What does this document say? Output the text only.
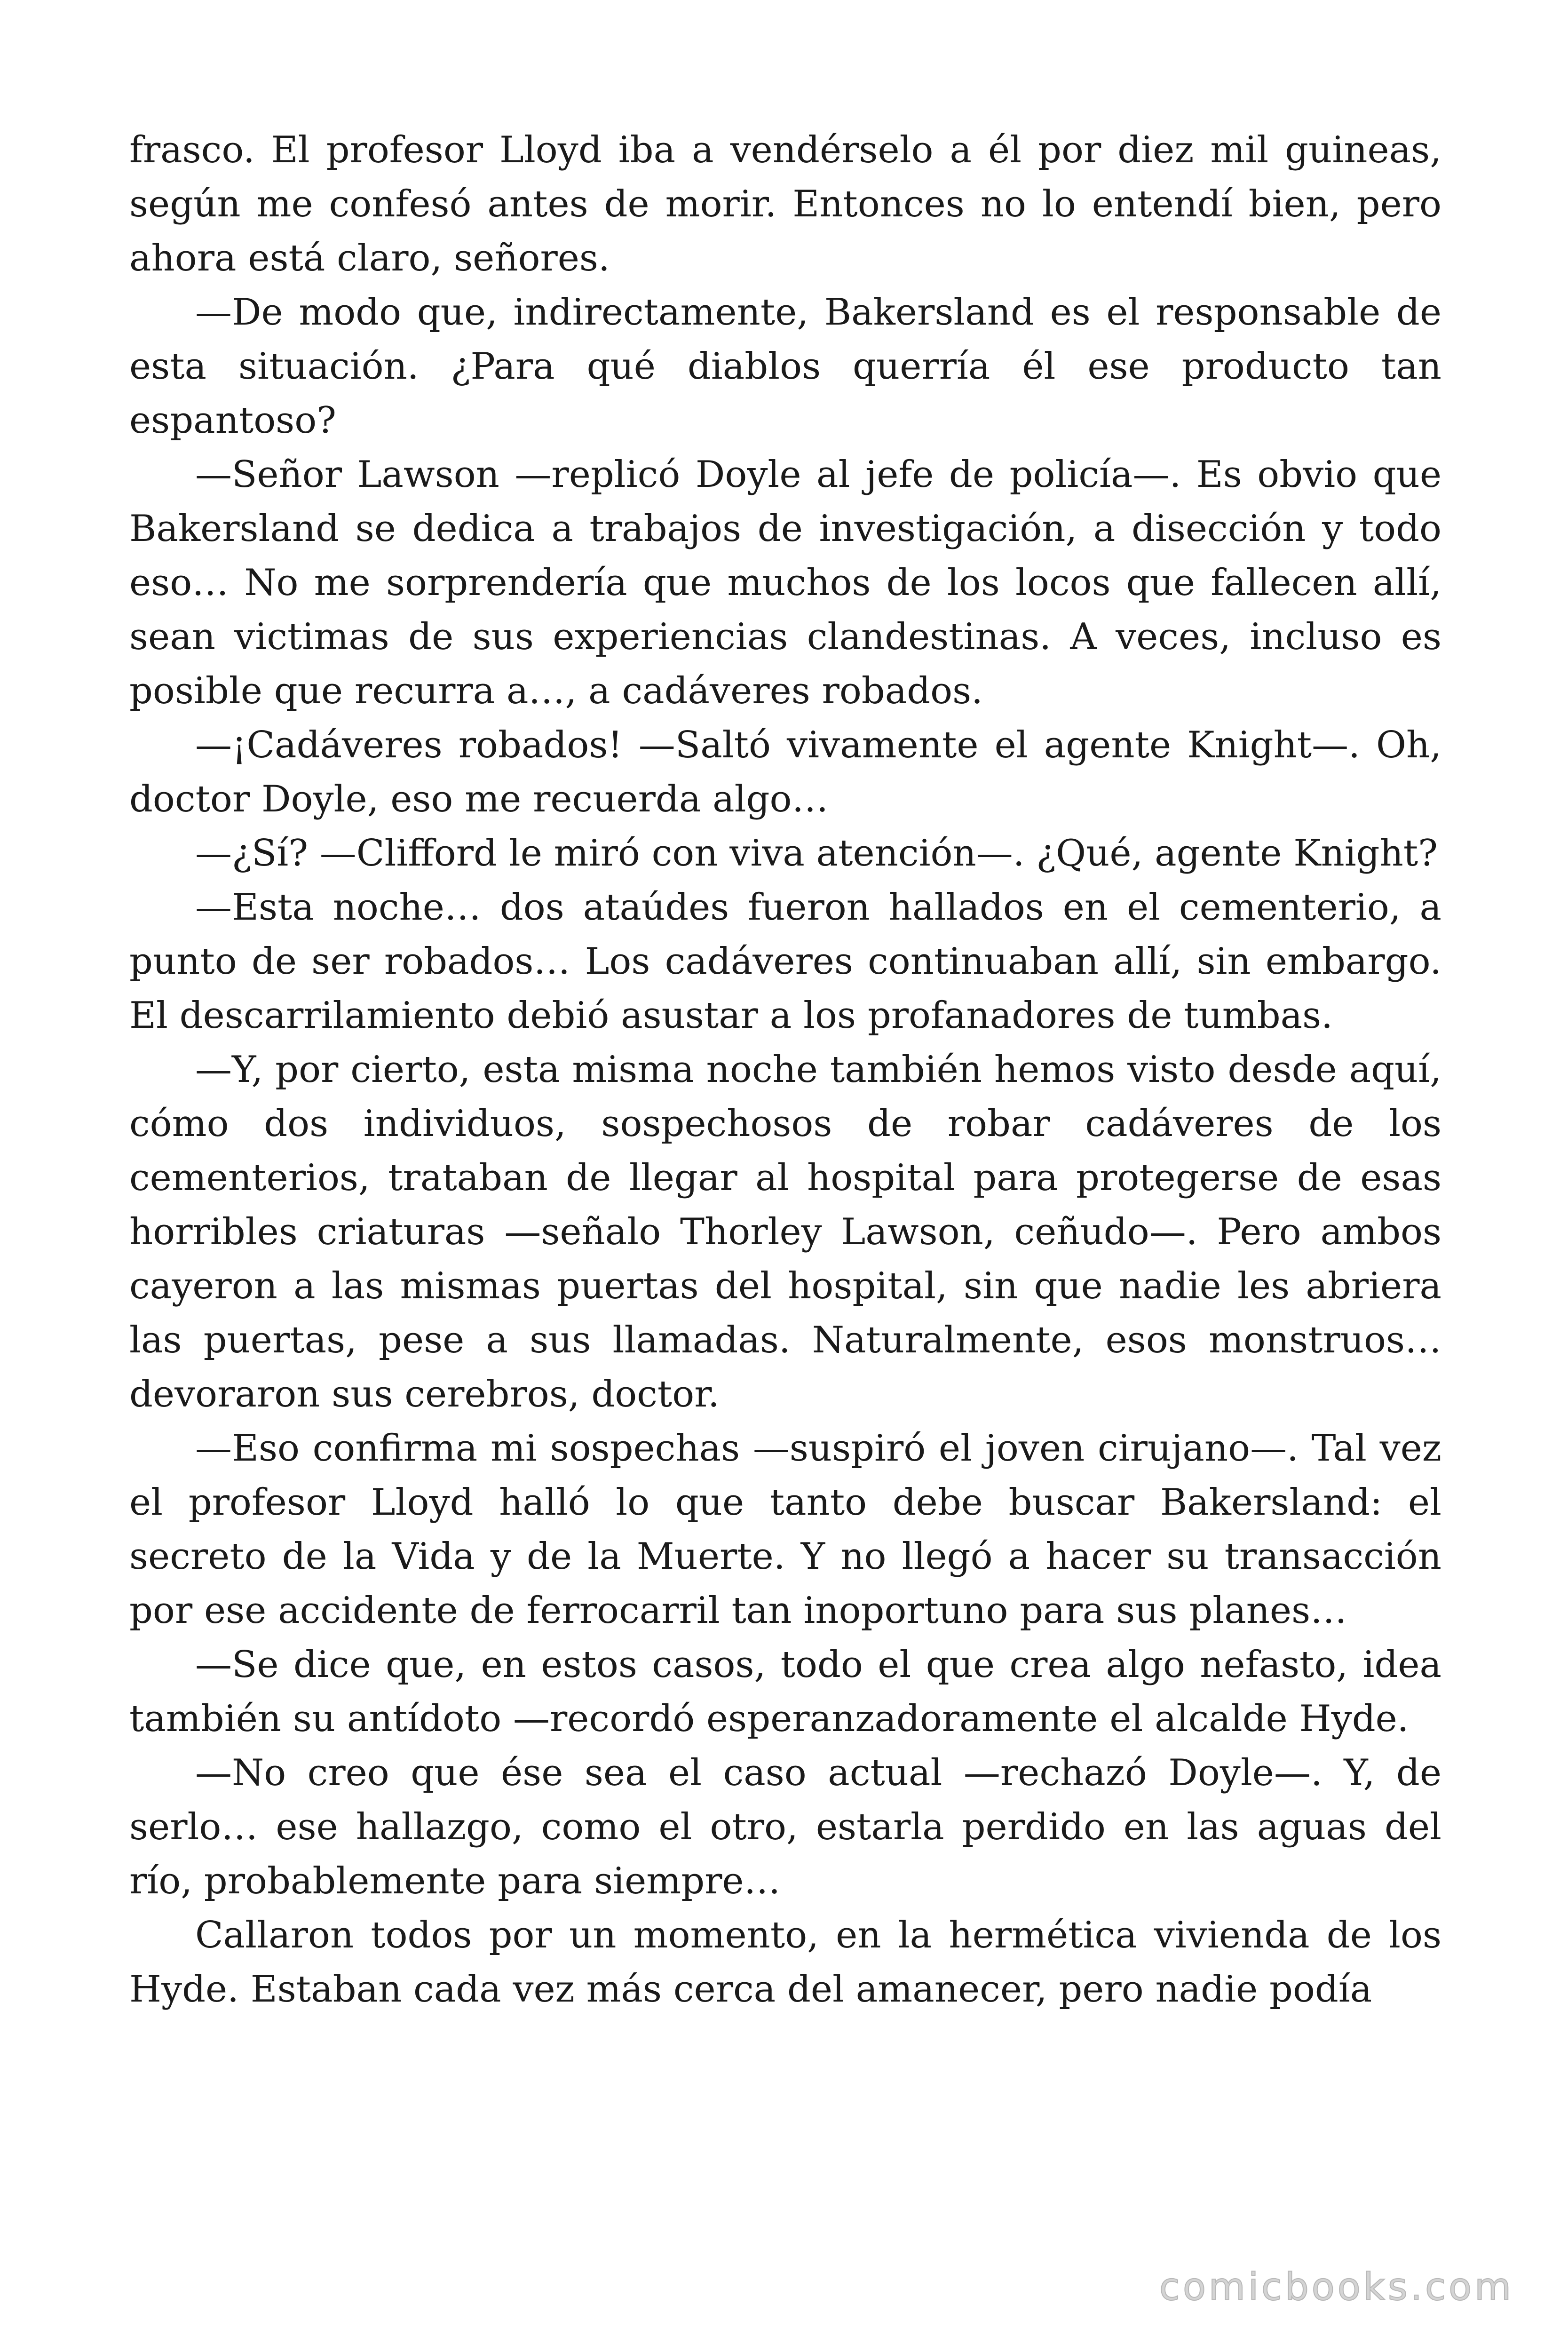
frasco. El profesor Lloyd iba a vendérselo a él por diez mil guineas, según me confesó antes de morir. Entonces no lo entendí bien, pero ahora está claro, señores.

—De modo que, indirectamente, Bakersland es el responsable de esta situación. ¿Para qué diablos querría él ese producto tan espantoso?

—Señor Lawson —replicó Doyle al jefe de policía—. Es obvio que Bakersland se dedica a trabajos de investigación, a disección y todo eso… No me sorprendería que muchos de los locos que fallecen allí, sean victimas de sus experiencias clandestinas. A veces, incluso es posible que recurra a…, a cadáveres robados.

—¡Cadáveres robados! —Saltó vivamente el agente Knight—. Oh, doctor Doyle, eso me recuerda algo…

—¿Sí? —Clifford le miró con viva atención—. ¿Qué, agente Knight?

—Esta noche… dos ataúdes fueron hallados en el cementerio, a punto de ser robados… Los cadáveres continuaban allí, sin embargo. El descarrilamiento debió asustar a los profanadores de tumbas.

—Y, por cierto, esta misma noche también hemos visto desde aquí, cómo dos individuos, sospechosos de robar cadáveres de los cementerios, trataban de llegar al hospital para protegerse de esas horribles criaturas —señalo Thorley Lawson, ceñudo—. Pero ambos cayeron a las mismas puertas del hospital, sin que nadie les abriera las puertas, pese a sus llamadas. Naturalmente, esos monstruos… devoraron sus cerebros, doctor.

—Eso confirma mi sospechas —suspiró el joven cirujano—. Tal vez el profesor Lloyd halló lo que tanto debe buscar Bakersland: el secreto de la Vida y de la Muerte. Y no llegó a hacer su transacción por ese accidente de ferrocarril tan inoportuno para sus planes…

—Se dice que, en estos casos, todo el que crea algo nefasto, idea también su antídoto —recordó esperanzadoramente el alcalde Hyde.

—No creo que ése sea el caso actual —rechazó Doyle—. Y, de serlo… ese hallazgo, como el otro, estarla perdido en las aguas del río, probablemente para siempre…

Callaron todos por un momento, en la hermética vivienda de los Hyde. Estaban cada vez más cerca del amanecer, pero nadie podía

comicbooks.com
